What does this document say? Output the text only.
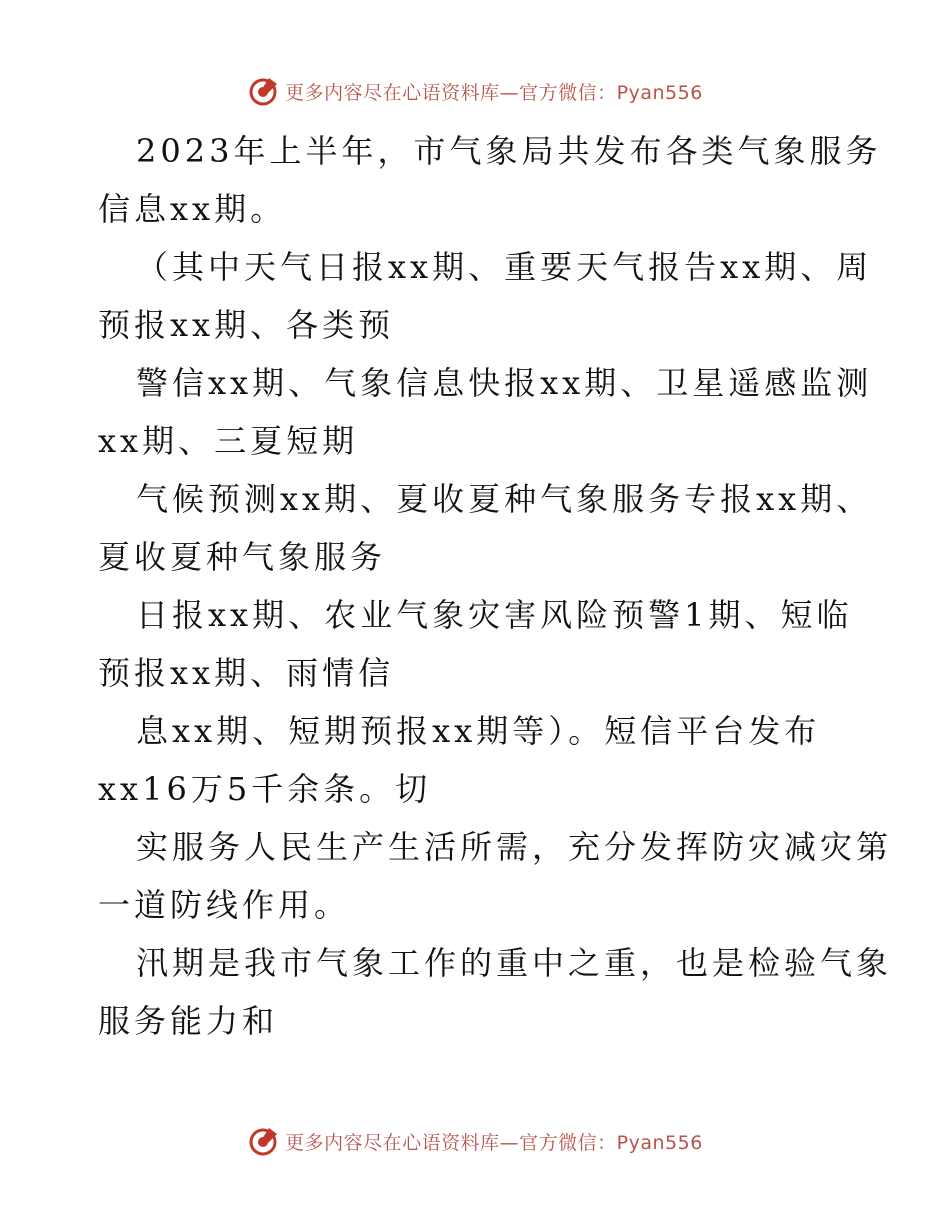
更多内容尽在心语资料库—官方微信：Pyan556
2023年上半年，市气象局共发布各类气象服务
信息xx期。
（其中天气日报xx期、重要天气报告xx期、周
预报xx期、各类预
警信xx期、气象信息快报xx期、卫星遥感监测
xx期、三夏短期
气候预测xx期、夏收夏种气象服务专报xx期、
夏收夏种气象服务
日报xx期、农业气象灾害风险预警1期、短临
预报xx期、雨情信
息xx期、短期预报xx期等）。短信平台发布
xx16万5千余条。切
实服务人民生产生活所需，充分发挥防灾减灾第
一道防线作用。
汛期是我市气象工作的重中之重，也是检验气象
服务能力和
更多内容尽在心语资料库—官方微信：Pyan556
